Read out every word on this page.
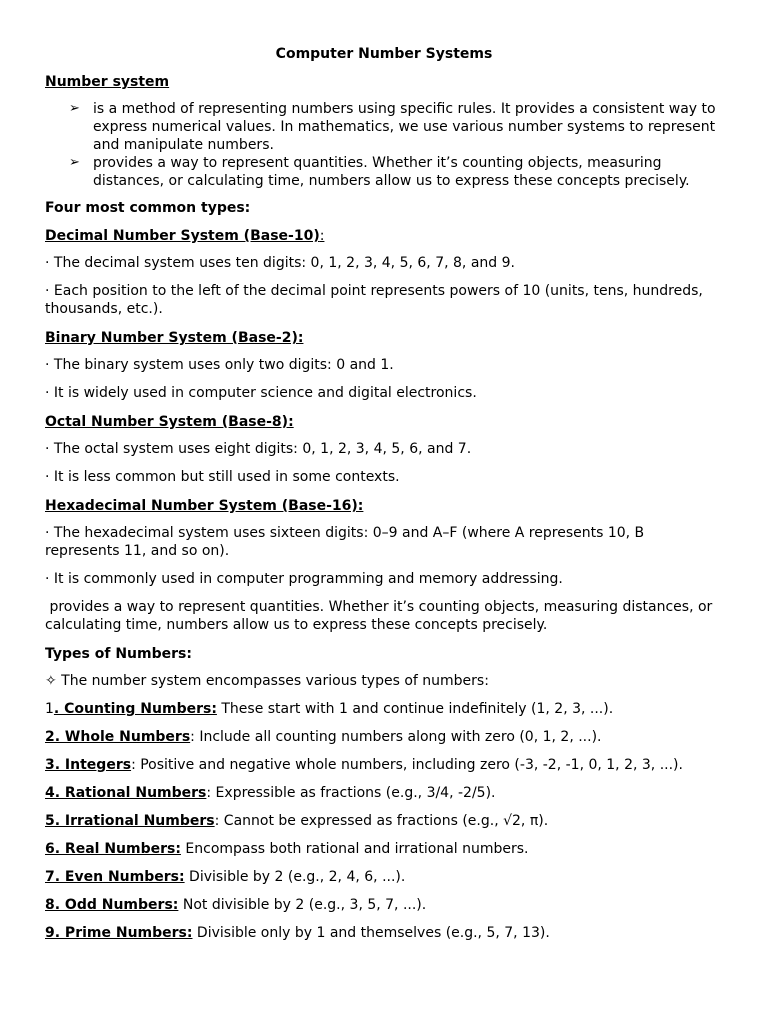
Computer Number Systems
Number system
➢ is a method of representing numbers using specific rules. It provides a consistent way to express numerical values. In mathematics, we use various number systems to represent and manipulate numbers.
➢ provides a way to represent quantities. Whether it’s counting objects, measuring distances, or calculating time, numbers allow us to express these concepts precisely.
Four most common types:
Decimal Number System (Base-10):

· The decimal system uses ten digits: 0, 1, 2, 3, 4, 5, 6, 7, 8, and 9.

· Each position to the left of the decimal point represents powers of 10 (units, tens, hundreds, thousands, etc.).

Binary Number System (Base-2):

· The binary system uses only two digits: 0 and 1.

· It is widely used in computer science and digital electronics.

Octal Number System (Base-8):

· The octal system uses eight digits: 0, 1, 2, 3, 4, 5, 6, and 7.

· It is less common but still used in some contexts.

Hexadecimal Number System (Base-16):

· The hexadecimal system uses sixteen digits: 0–9 and A–F (where A represents 10, B represents 11, and so on).

· It is commonly used in computer programming and memory addressing.

provides a way to represent quantities. Whether it’s counting objects, measuring distances, or calculating time, numbers allow us to express these concepts precisely.

Types of Numbers:

✧ The number system encompasses various types of numbers:

1. Counting Numbers: These start with 1 and continue indefinitely (1, 2, 3, ...).
2. Whole Numbers: Include all counting numbers along with zero (0, 1, 2, ...).
3. Integers: Positive and negative whole numbers, including zero (-3, -2, -1, 0, 1, 2, 3, ...).
4. Rational Numbers: Expressible as fractions (e.g., 3/4, -2/5).
5. Irrational Numbers: Cannot be expressed as fractions (e.g., √2, π).
6. Real Numbers: Encompass both rational and irrational numbers.
7. Even Numbers: Divisible by 2 (e.g., 2, 4, 6, ...).
8. Odd Numbers: Not divisible by 2 (e.g., 3, 5, 7, ...).
9. Prime Numbers: Divisible only by 1 and themselves (e.g., 5, 7, 13).
